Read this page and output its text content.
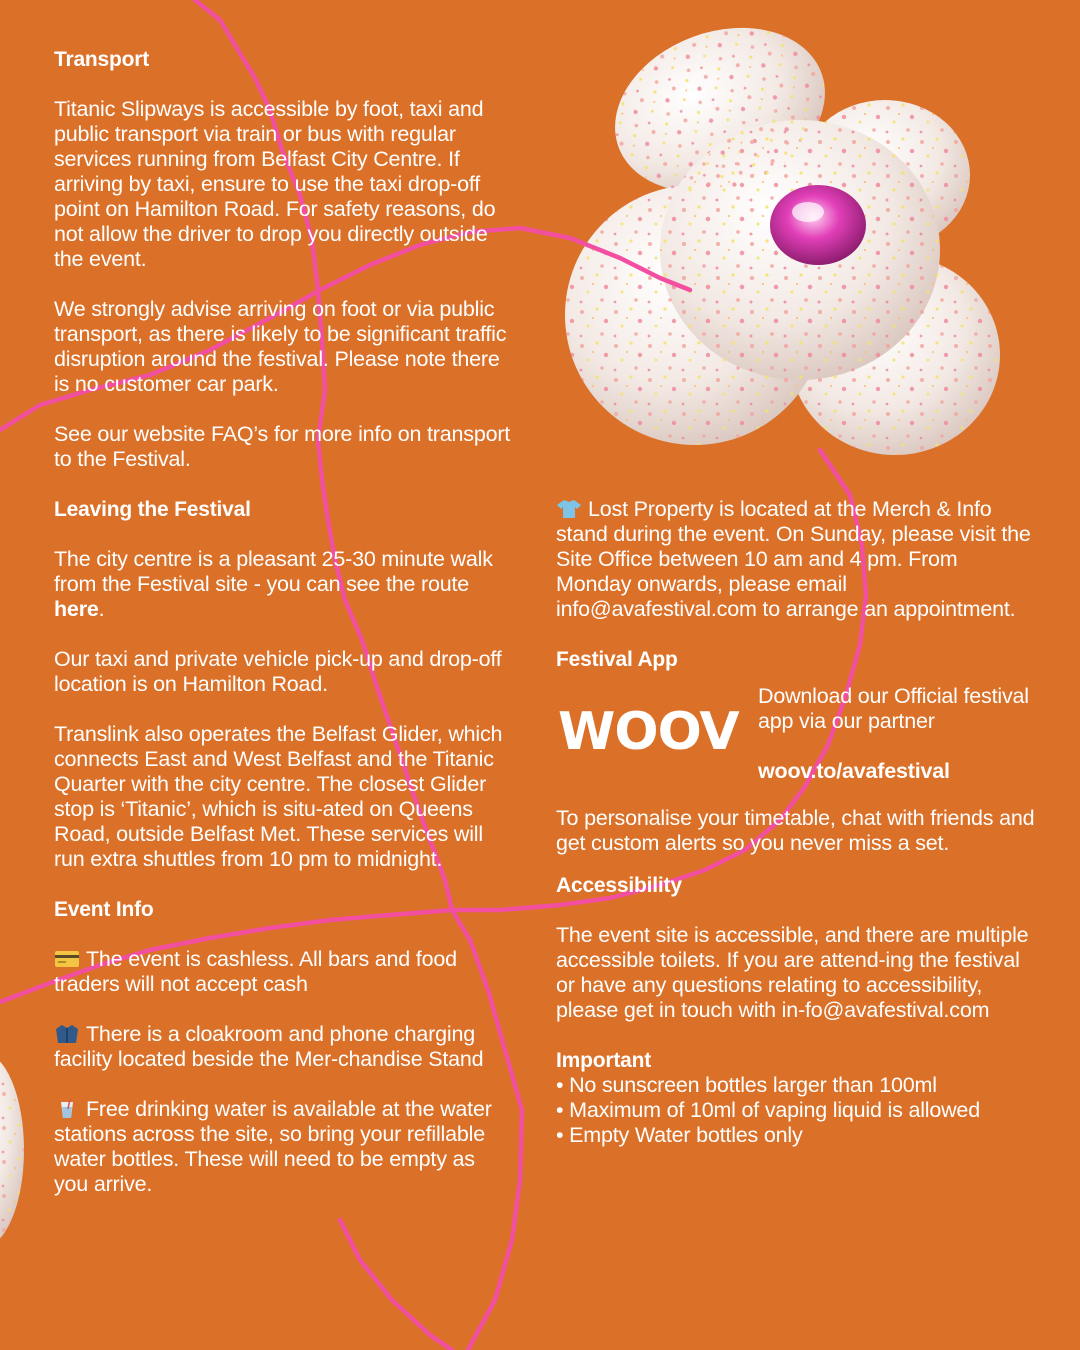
Transport

Titanic Slipways is accessible by foot, taxi and public transport via train or bus with regular services running from Belfast City Centre. If arriving by taxi, ensure to use the taxi drop-off point on Hamilton Road. For safety reasons, do not allow the driver to drop you directly outside the event.

We strongly advise arriving on foot or via public transport, as there is likely to be significant traffic disruption around the festival. Please note there is no customer car park.

See our website FAQ’s for more info on transport to the Festival.

Leaving the Festival

The city centre is a pleasant 25-30 minute walk from the Festival site - you can see the route here.

Our taxi and private vehicle pick-up and drop-off location is on Hamilton Road.

Translink also operates the Belfast Glider, which connects East and West Belfast and the Titanic Quarter with the city centre. The closest Glider stop is ‘Titanic’, which is situ-ated on Queens Road, outside Belfast Met. These services will run extra shuttles from 10 pm to midnight.

Event Info

The event is cashless. All bars and food traders will not accept cash

There is a cloakroom and phone charging facility located beside the Mer-chandise Stand

Free drinking water is available at the water stations across the site, so bring your refillable water bottles. These will need to be empty as you arrive.

Lost Property is located at the Merch & Info stand during the event. On Sunday, please visit the Site Office between 10 am and 4 pm. From Monday onwards, please email info@avafestival.com to arrange an appointment.

Festival App
WOOV
Download our Official festival app via our partner
woov.to/avafestival

To personalise your timetable, chat with friends and get custom alerts so you never miss a set.

Accessibility

The event site is accessible, and there are multiple accessible toilets. If you are attend-ing the festival or have any questions relating to accessibility, please get in touch with in-fo@avafestival.com

Important
• No sunscreen bottles larger than 100ml
• Maximum of 10ml of vaping liquid is allowed
• Empty Water bottles only
